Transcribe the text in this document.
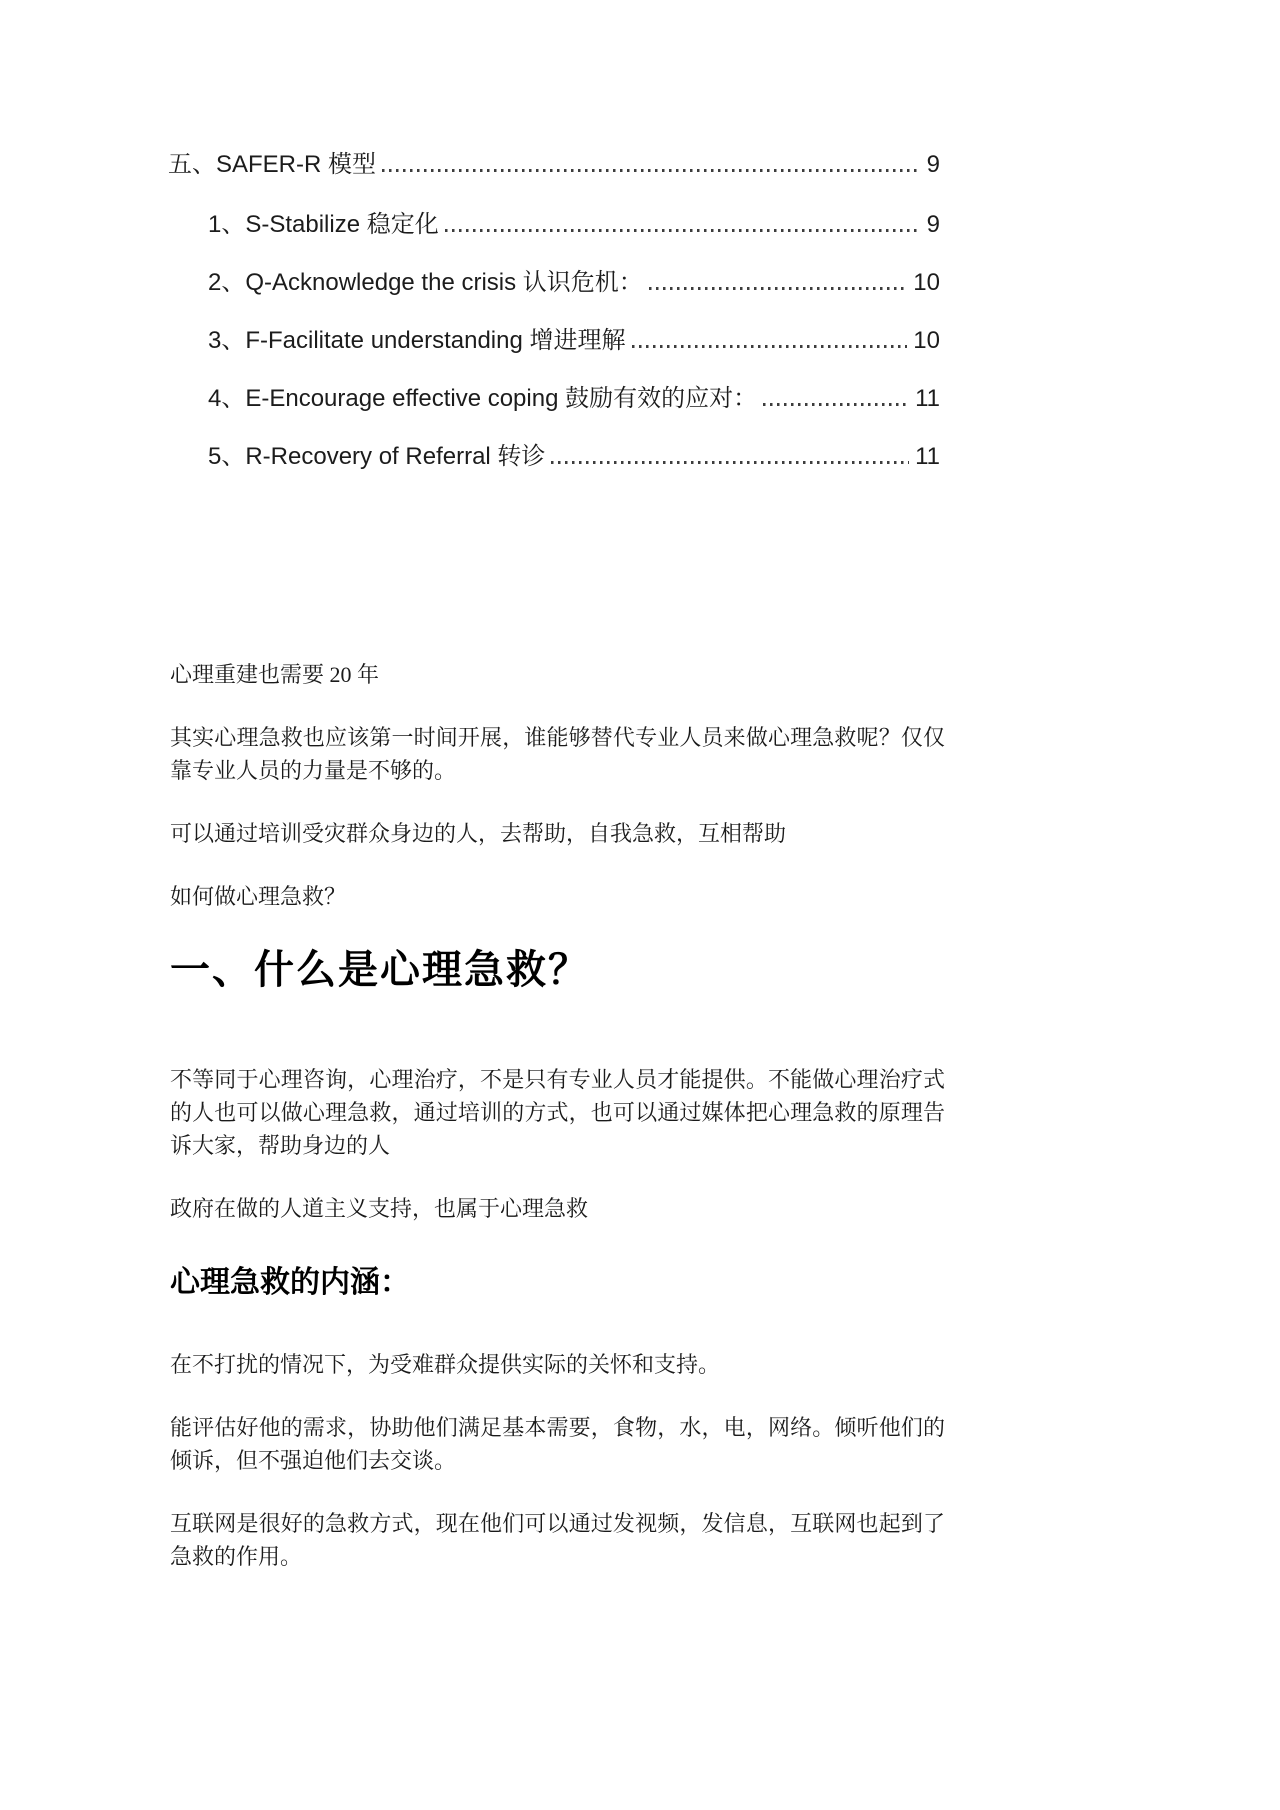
五、SAFER-R 模型	9
1、S-Stabilize 稳定化	9
2、Q-Acknowledge the crisis 认识危机：	10
3、F-Facilitate understanding 增进理解	10
4、E-Encourage effective coping 鼓励有效的应对：	11
5、R-Recovery of Referral 转诊	11

心理重建也需要 20 年

其实心理急救也应该第一时间开展，谁能够替代专业人员来做心理急救呢？仅仅靠专业人员的力量是不够的。

可以通过培训受灾群众身边的人，去帮助，自我急救，互相帮助

如何做心理急救？

一、什么是心理急救？

不等同于心理咨询，心理治疗，不是只有专业人员才能提供。不能做心理治疗式的人也可以做心理急救，通过培训的方式，也可以通过媒体把心理急救的原理告诉大家，帮助身边的人

政府在做的人道主义支持，也属于心理急救

心理急救的内涵：

在不打扰的情况下，为受难群众提供实际的关怀和支持。

能评估好他的需求，协助他们满足基本需要，食物，水，电，网络。倾听他们的倾诉，但不强迫他们去交谈。

互联网是很好的急救方式，现在他们可以通过发视频，发信息，互联网也起到了急救的作用。
